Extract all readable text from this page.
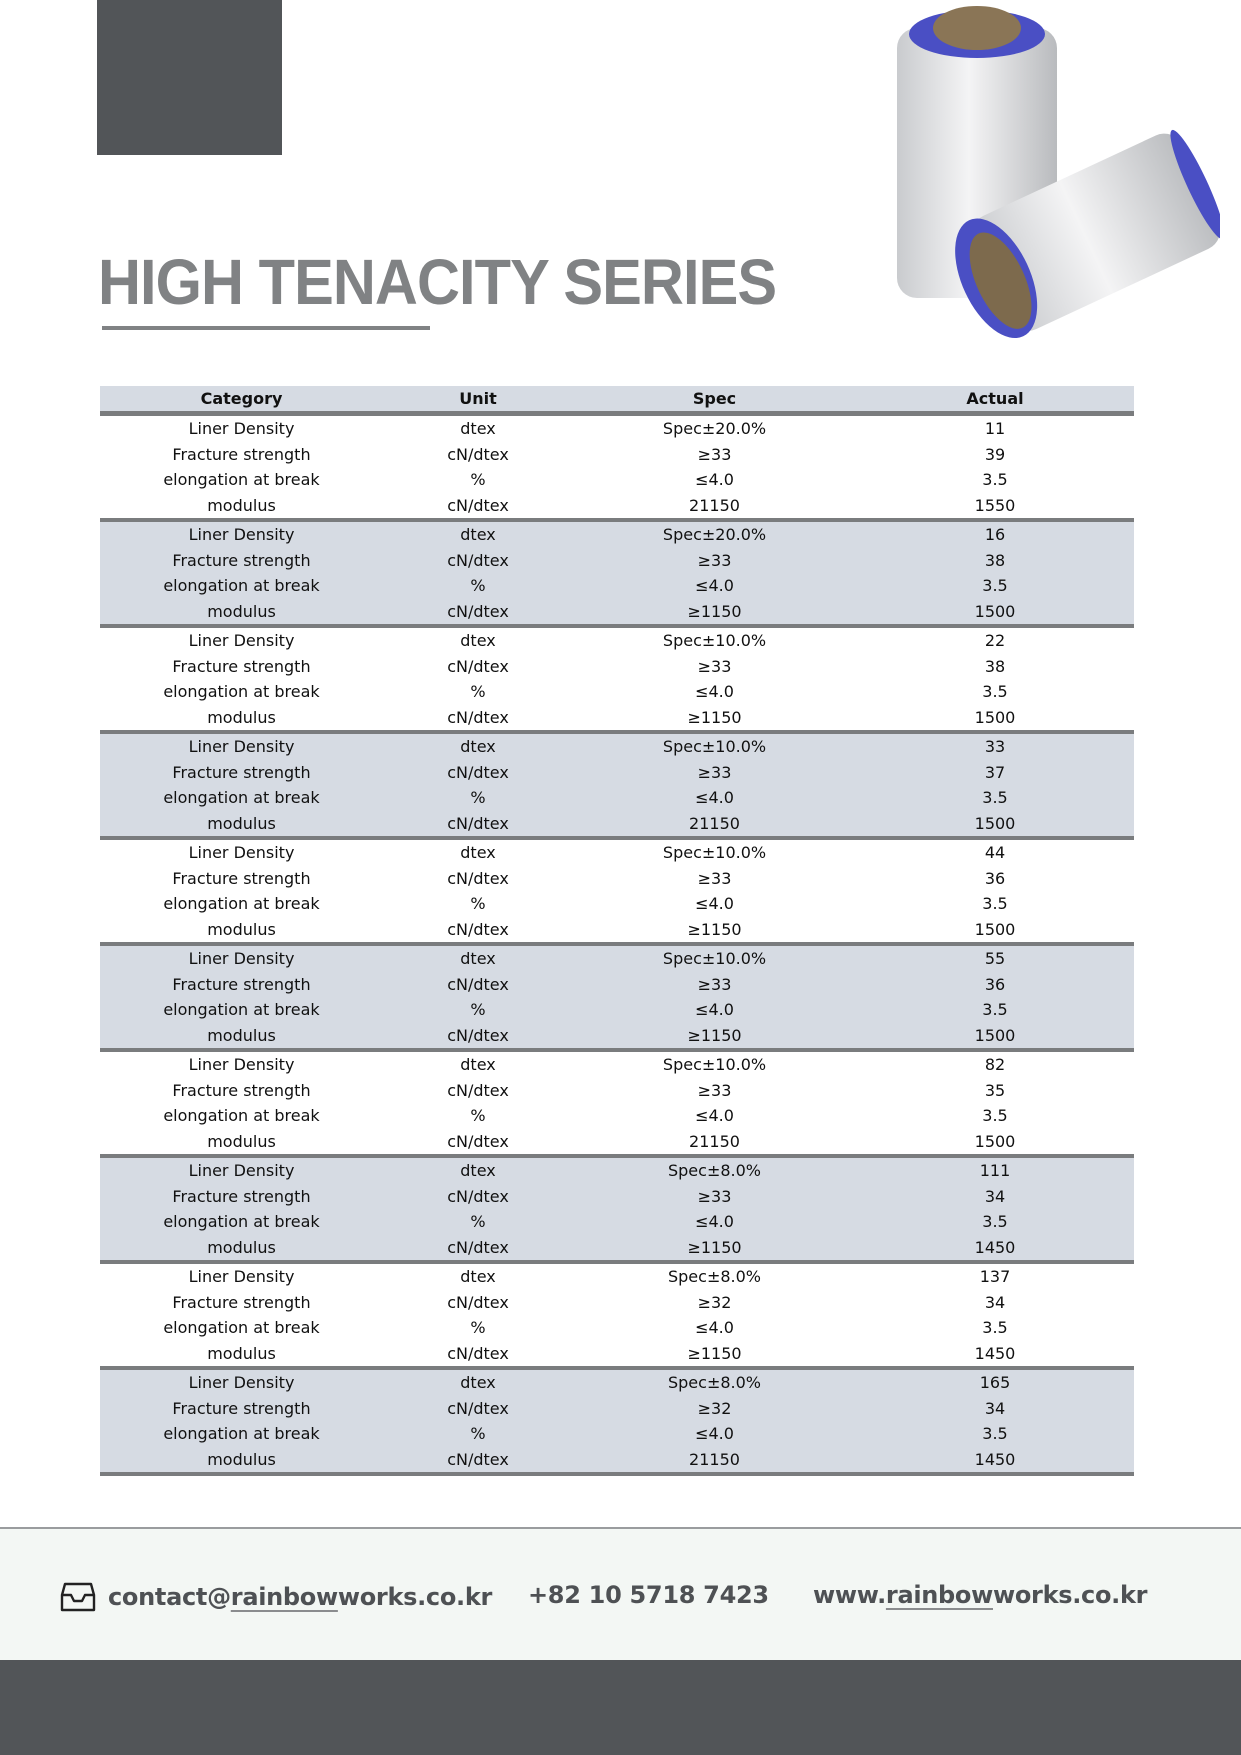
HIGH TENACITY SERIES
Category	Unit	Spec	Actual
Liner Density	dtex	Spec±20.0%	11
Fracture strength	cN/dtex	≥33	39
elongation at break	%	≤4.0	3.5
modulus	cN/dtex	21150	1550
Liner Density	dtex	Spec±20.0%	16
Fracture strength	cN/dtex	≥33	38
elongation at break	%	≤4.0	3.5
modulus	cN/dtex	≥1150	1500
Liner Density	dtex	Spec±10.0%	22
Fracture strength	cN/dtex	≥33	38
elongation at break	%	≤4.0	3.5
modulus	cN/dtex	≥1150	1500
Liner Density	dtex	Spec±10.0%	33
Fracture strength	cN/dtex	≥33	37
elongation at break	%	≤4.0	3.5
modulus	cN/dtex	21150	1500
Liner Density	dtex	Spec±10.0%	44
Fracture strength	cN/dtex	≥33	36
elongation at break	%	≤4.0	3.5
modulus	cN/dtex	≥1150	1500
Liner Density	dtex	Spec±10.0%	55
Fracture strength	cN/dtex	≥33	36
elongation at break	%	≤4.0	3.5
modulus	cN/dtex	≥1150	1500
Liner Density	dtex	Spec±10.0%	82
Fracture strength	cN/dtex	≥33	35
elongation at break	%	≤4.0	3.5
modulus	cN/dtex	21150	1500
Liner Density	dtex	Spec±8.0%	111
Fracture strength	cN/dtex	≥33	34
elongation at break	%	≤4.0	3.5
modulus	cN/dtex	≥1150	1450
Liner Density	dtex	Spec±8.0%	137
Fracture strength	cN/dtex	≥32	34
elongation at break	%	≤4.0	3.5
modulus	cN/dtex	≥1150	1450
Liner Density	dtex	Spec±8.0%	165
Fracture strength	cN/dtex	≥32	34
elongation at break	%	≤4.0	3.5
modulus	cN/dtex	21150	1450
contact@ rainbow works.co.kr +82 10 5718 7423 www. rainbow works.co.kr
